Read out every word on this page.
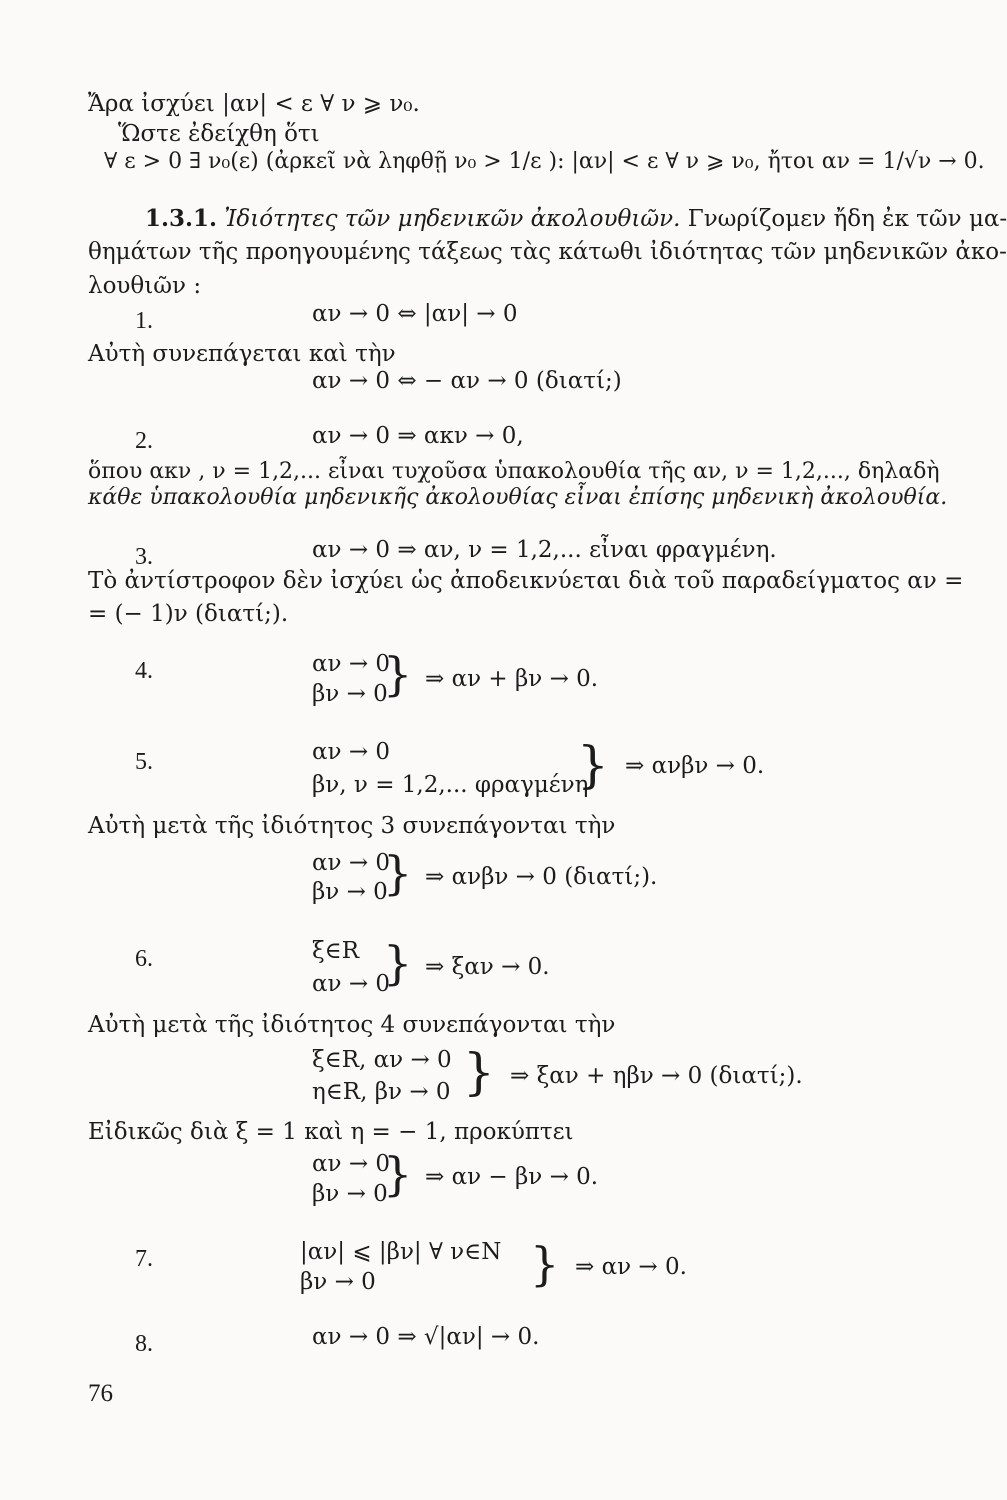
Ἄρα ἰσχύει |αν| < ε ∀ ν ⩾ ν₀.
Ὥστε ἐδείχθη ὅτι
∀ ε > 0 ∃ ν₀(ε) (ἀρκεῖ νὰ ληφθῇ ν₀ > 1/ε ): |αν| < ε ∀ ν ⩾ ν₀, ἤτοι αν = 1/√ν → 0.
1.3.1. Ἰδιότητες τῶν μηδενικῶν ἀκολουθιῶν. Γνωρίζομεν ἤδη ἐκ τῶν μα-
θημάτων τῆς προηγουμένης τάξεως τὰς κάτωθι ἰδιότητας τῶν μηδενικῶν ἀκο-
λουθιῶν :
1.	αν → 0 ⇔ |αν| → 0
Αὐτὴ συνεπάγεται καὶ τὴν
αν → 0 ⇔ − αν → 0 (διατί;)
2.	αν → 0 ⇒ ακν → 0,
ὅπου ακν , ν = 1,2,... εἶναι τυχοῦσα ὑπακολουθία τῆς αν, ν = 1,2,..., δηλαδὴ
κάθε ὑπακολουθία μηδενικῆς ἀκολουθίας εἶναι ἐπίσης μηδενικὴ ἀκολουθία.
3.	αν → 0 ⇒ αν, ν = 1,2,... εἶναι φραγμένη.
Τὸ ἀντίστροφον δὲν ἰσχύει ὡς ἀποδεικνύεται διὰ τοῦ παραδείγματος αν =
= (− 1)ν (διατί;).
4.	αν → 0
βν → 0
} ⇒ αν + βν → 0.
5.	αν → 0
βν, ν = 1,2,... φραγμένη
} ⇒ ανβν → 0.
Αὐτὴ μετὰ τῆς ἰδιότητος 3 συνεπάγονται τὴν
αν → 0
βν → 0
} ⇒ ανβν → 0 (διατί;).
6.	ξ∈R
αν → 0
} ⇒ ξαν → 0.
Αὐτὴ μετὰ τῆς ἰδιότητος 4 συνεπάγονται τὴν
ξ∈R, αν → 0
η∈R, βν → 0 } ⇒ ξαν + ηβν → 0 (διατί;).
Εἰδικῶς διὰ ξ = 1 καὶ η = − 1, προκύπτει
αν → 0
βν → 0
} ⇒ αν − βν → 0.
7.	|αν| ⩽ |βν| ∀ ν∈N
βν → 0	} ⇒ αν → 0.
8.	αν → 0 ⇒ √|αν| → 0.
76
